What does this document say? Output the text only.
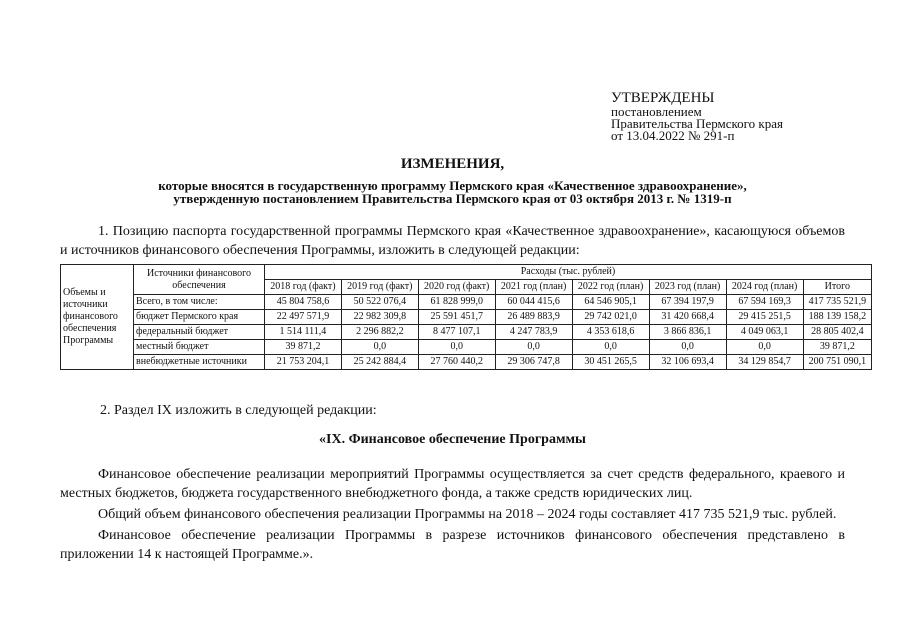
УТВЕРЖДЕНЫ
постановлением
Правительства Пермского края
от 13.04.2022 № 291-п
ИЗМЕНЕНИЯ,
которые вносятся в государственную программу Пермского края «Качественное здравоохранение»,
утвержденную постановлением Правительства Пермского края от 03 октября 2013 г. № 1319-п
1. Позицию паспорта государственной программы Пермского края «Качественное здравоохранение», касающуюся объемов и источников финансового обеспечения Программы, изложить в следующей редакции:
Объемы и источники финансового обеспечения Программы	Источники финансового обеспечения	Расходы (тыс. рублей)							
		2018 год (факт)	2019 год (факт)	2020 год (факт)	2021 год (план)	2022 год (план)	2023 год (план)	2024 год (план)	Итого
	Всего, в том числе:	45 804 758,6	50 522 076,4	61 828 999,0	60 044 415,6	64 546 905,1	67 394 197,9	67 594 169,3	417 735 521,9
	бюджет Пермского края	22 497 571,9	22 982 309,8	25 591 451,7	26 489 883,9	29 742 021,0	31 420 668,4	29 415 251,5	188 139 158,2
	федеральный бюджет	1 514 111,4	2 296 882,2	8 477 107,1	4 247 783,9	4 353 618,6	3 866 836,1	4 049 063,1	28 805 402,4
	местный бюджет	39 871,2	0,0	0,0	0,0	0,0	0,0	0,0	39 871,2
	внебюджетные источники	21 753 204,1	25 242 884,4	27 760 440,2	29 306 747,8	30 451 265,5	32 106 693,4	34 129 854,7	200 751 090,1
2. Раздел IX изложить в следующей редакции:
«IX. Финансовое обеспечение Программы

Финансовое обеспечение реализации мероприятий Программы осуществляется за счет средств федерального, краевого и местных бюджетов, бюджета государственного внебюджетного фонда, а также средств юридических лиц.

Общий объем финансового обеспечения реализации Программы на 2018 – 2024 годы составляет 417 735 521,9 тыс. рублей.

Финансовое обеспечение реализации Программы в разрезе источников финансового обеспечения представлено в приложении 14 к настоящей Программе.».
